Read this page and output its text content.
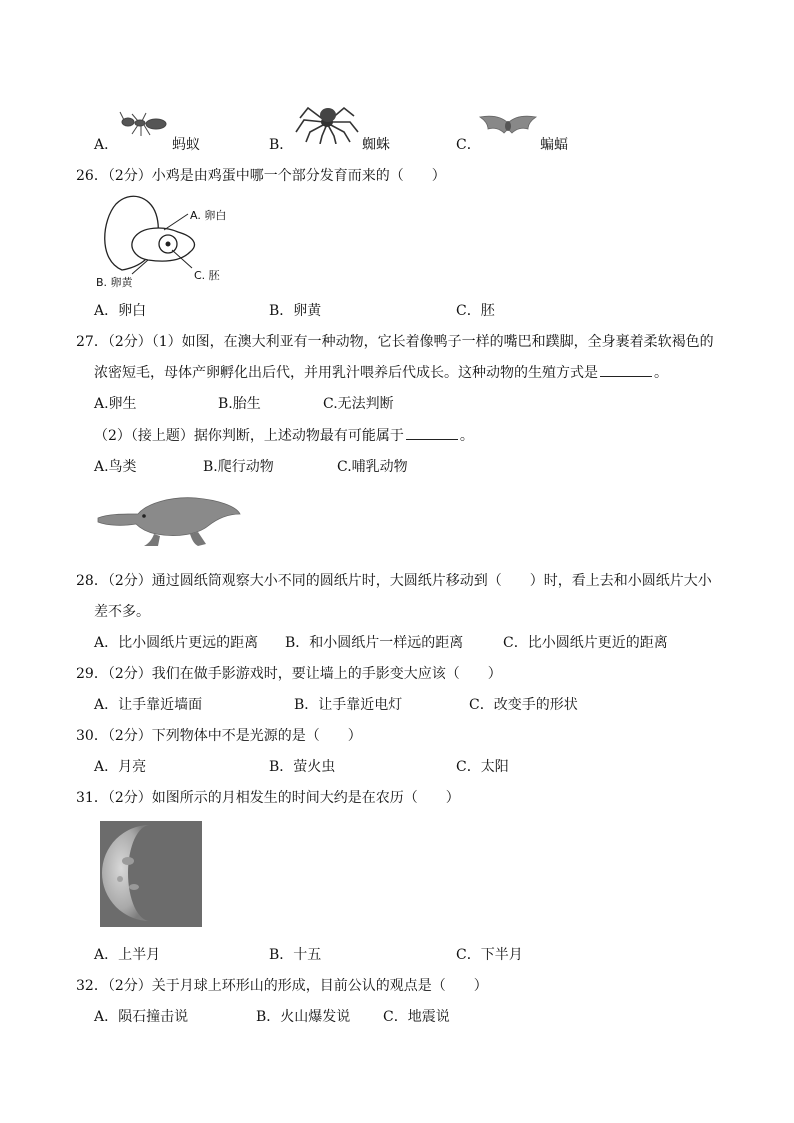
A．	蚂蚁	B．	蜘蛛	C．	蝙蝠
26．（2分）小鸡是由鸡蛋中哪一个部分发育而来的（　　）
A. 卵白
C. 胚
B. 卵黄
A．卵白	B．卵黄	C．胚
27．（2分）（1）如图，在澳大利亚有一种动物，它长着像鸭子一样的嘴巴和蹼脚，全身裹着柔软褐色的
浓密短毛，母体产卵孵化出后代，并用乳汁喂养后代成长。这种动物的生殖方式是	。
A.卵生	B.胎生	C.无法判断
（2）（接上题）据你判断，上述动物最有可能属于	。
A.鸟类	B.爬行动物	C.哺乳动物
28．（2分）通过圆纸筒观察大小不同的圆纸片时，大圆纸片移动到（　　）时，看上去和小圆纸片大小
差不多。
A．比小圆纸片更远的距离 B．和小圆纸片一样远的距离	C．比小圆纸片更近的距离
29．（2分）我们在做手影游戏时，要让墙上的手影变大应该（　　）
A．让手靠近墙面	B．让手靠近电灯	C．改变手的形状
30．（2分）下列物体中不是光源的是（　　）
A．月亮	B．萤火虫	C．太阳
31．（2分）如图所示的月相发生的时间大约是在农历（　　）
A．上半月	B．十五	C．下半月
32．（2分）关于月球上环形山的形成，目前公认的观点是（　　）
A．陨石撞击说	B．火山爆发说 C．地震说
